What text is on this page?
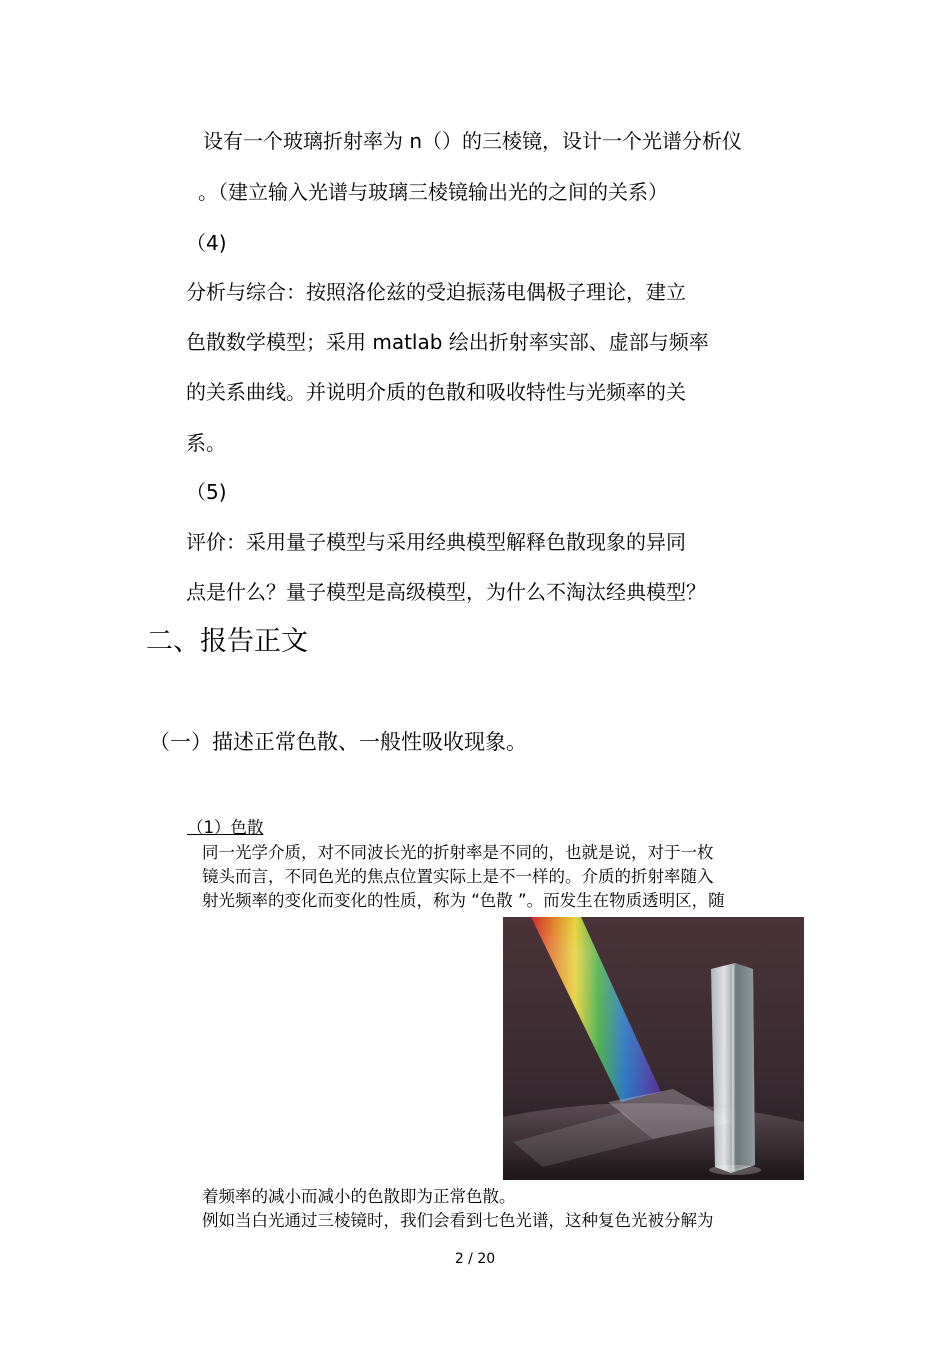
设有一个玻璃折射率为 n（）的三棱镜，设计一个光谱分析仪
。（建立输入光谱与玻璃三棱镜输出光的之间的关系）
（4)
分析与综合：按照洛伦兹的受迫振荡电偶极子理论，建立
色散数学模型；采用 matlab 绘出折射率实部、虚部与频率
的关系曲线。并说明介质的色散和吸收特性与光频率的关
系。
（5)
评价：采用量子模型与采用经典模型解释色散现象的异同
点是什么？量子模型是高级模型，为什么不淘汰经典模型？
二、报告正文
（一）描述正常色散、一般性吸收现象。
（1）色散
同一光学介质，对不同波长光的折射率是不同的，也就是说，对于一枚
镜头而言，不同色光的焦点位置实际上是不一样的。介质的折射率随入
射光频率的变化而变化的性质，称为 “色散 ”。而发生在物质透明区，随
着频率的减小而减小的色散即为正常色散。
例如当白光通过三棱镜时，我们会看到七色光谱，这种复色光被分解为
2 / 20
